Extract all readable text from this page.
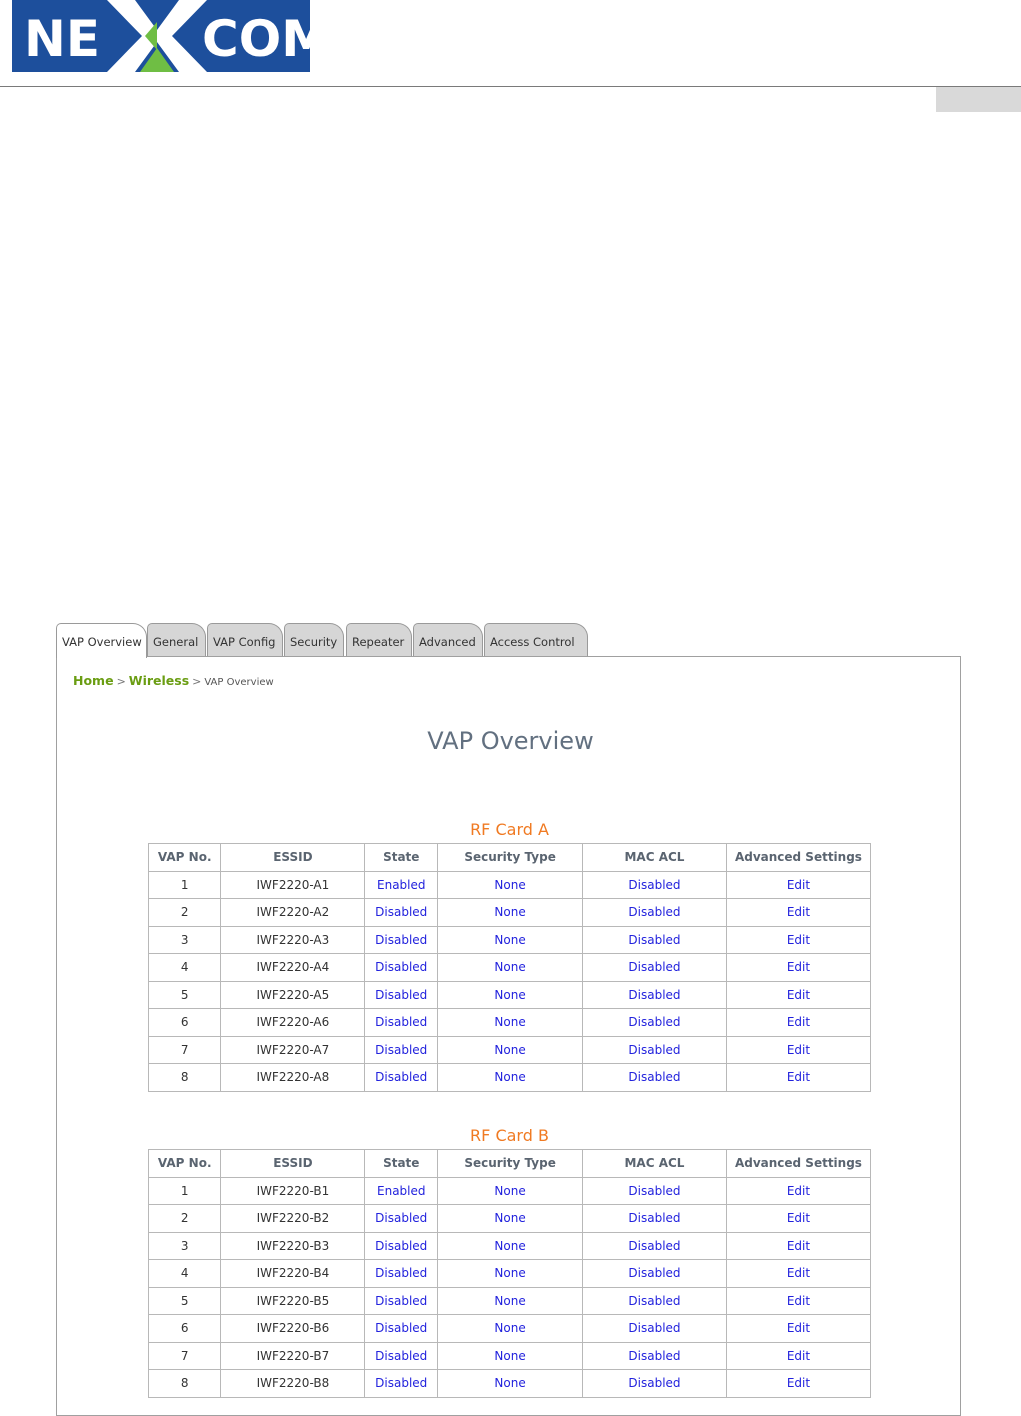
NE COM
VAP Overview General	VAP Config	Security	Repeater	Advanced	Access Control
Home > Wireless > VAP Overview
VAP Overview
RF Card A
VAP No.	ESSID	State	Security Type	MAC ACL	Advanced Settings
1	IWF2220-A1	Enabled	None	Disabled	Edit
2	IWF2220-A2	Disabled	None	Disabled	Edit
3	IWF2220-A3	Disabled	None	Disabled	Edit
4	IWF2220-A4	Disabled	None	Disabled	Edit
5	IWF2220-A5	Disabled	None	Disabled	Edit
6	IWF2220-A6	Disabled	None	Disabled	Edit
7	IWF2220-A7	Disabled	None	Disabled	Edit
8	IWF2220-A8	Disabled	None	Disabled	Edit
RF Card B
VAP No.	ESSID	State	Security Type	MAC ACL	Advanced Settings
1	IWF2220-B1	Enabled	None	Disabled	Edit
2	IWF2220-B2	Disabled	None	Disabled	Edit
3	IWF2220-B3	Disabled	None	Disabled	Edit
4	IWF2220-B4	Disabled	None	Disabled	Edit
5	IWF2220-B5	Disabled	None	Disabled	Edit
6	IWF2220-B6	Disabled	None	Disabled	Edit
7	IWF2220-B7	Disabled	None	Disabled	Edit
8	IWF2220-B8	Disabled	None	Disabled	Edit
